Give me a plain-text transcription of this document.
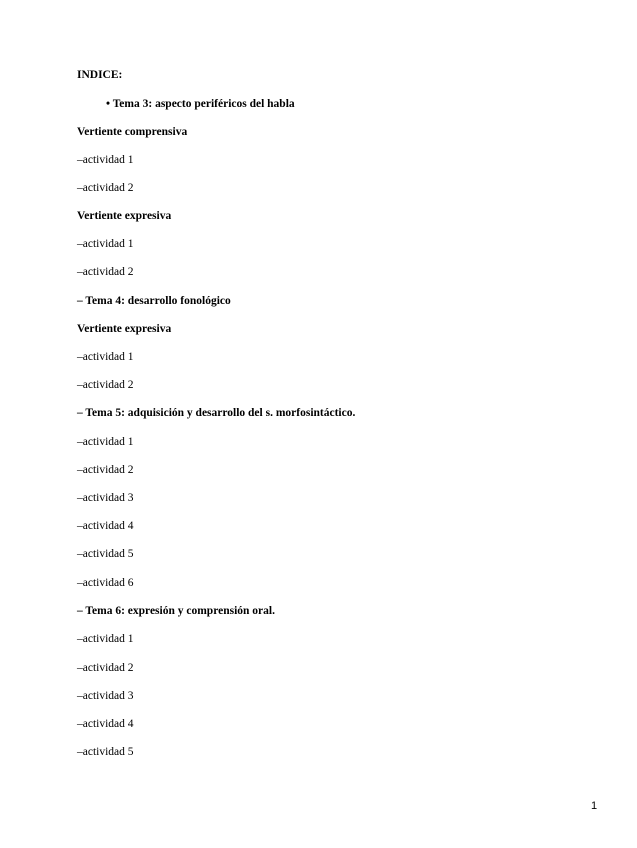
INDICE:
• Tema 3: aspecto periféricos del habla
Vertiente comprensiva
–actividad 1
–actividad 2
Vertiente expresiva
–actividad 1
–actividad 2
– Tema 4: desarrollo fonológico
Vertiente expresiva
–actividad 1
–actividad 2
– Tema 5: adquisición y desarrollo del s. morfosintáctico.
–actividad 1
–actividad 2
–actividad 3
–actividad 4
–actividad 5
–actividad 6
– Tema 6: expresión y comprensión oral.
–actividad 1
–actividad 2
–actividad 3
–actividad 4
–actividad 5
1
